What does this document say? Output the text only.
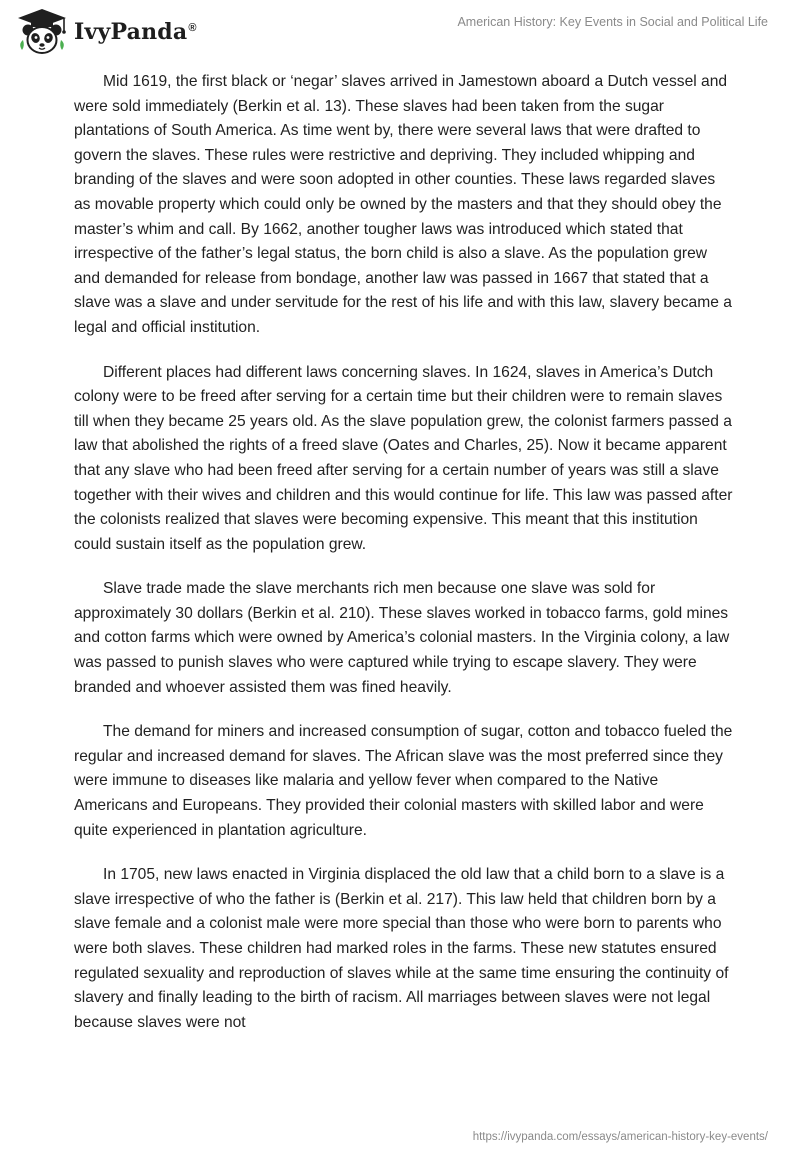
IvyPanda®	American History: Key Events in Social and Political Life

Mid 1619, the first black or ‘negar’ slaves arrived in Jamestown aboard a Dutch vessel and were sold immediately (Berkin et al. 13). These slaves had been taken from the sugar plantations of South America. As time went by, there were several laws that were drafted to govern the slaves. These rules were restrictive and depriving. They included whipping and branding of the slaves and were soon adopted in other counties. These laws regarded slaves as movable property which could only be owned by the masters and that they should obey the master’s whim and call. By 1662, another tougher laws was introduced which stated that irrespective of the father’s legal status, the born child is also a slave. As the population grew and demanded for release from bondage, another law was passed in 1667 that stated that a slave was a slave and under servitude for the rest of his life and with this law, slavery became a legal and official institution.

Different places had different laws concerning slaves. In 1624, slaves in America’s Dutch colony were to be freed after serving for a certain time but their children were to remain slaves till when they became 25 years old. As the slave population grew, the colonist farmers passed a law that abolished the rights of a freed slave (Oates and Charles, 25). Now it became apparent that any slave who had been freed after serving for a certain number of years was still a slave together with their wives and children and this would continue for life. This law was passed after the colonists realized that slaves were becoming expensive. This meant that this institution could sustain itself as the population grew.

Slave trade made the slave merchants rich men because one slave was sold for approximately 30 dollars (Berkin et al. 210). These slaves worked in tobacco farms, gold mines and cotton farms which were owned by America’s colonial masters. In the Virginia colony, a law was passed to punish slaves who were captured while trying to escape slavery. They were branded and whoever assisted them was fined heavily.

The demand for miners and increased consumption of sugar, cotton and tobacco fueled the regular and increased demand for slaves. The African slave was the most preferred since they were immune to diseases like malaria and yellow fever when compared to the Native Americans and Europeans. They provided their colonial masters with skilled labor and were quite experienced in plantation agriculture.

In 1705, new laws enacted in Virginia displaced the old law that a child born to a slave is a slave irrespective of who the father is (Berkin et al. 217). This law held that children born by a slave female and a colonist male were more special than those who were born to parents who were both slaves. These children had marked roles in the farms. These new statutes ensured regulated sexuality and reproduction of slaves while at the same time ensuring the continuity of slavery and finally leading to the birth of racism. All marriages between slaves were not legal because slaves were not

https://ivypanda.com/essays/american-history-key-events/
